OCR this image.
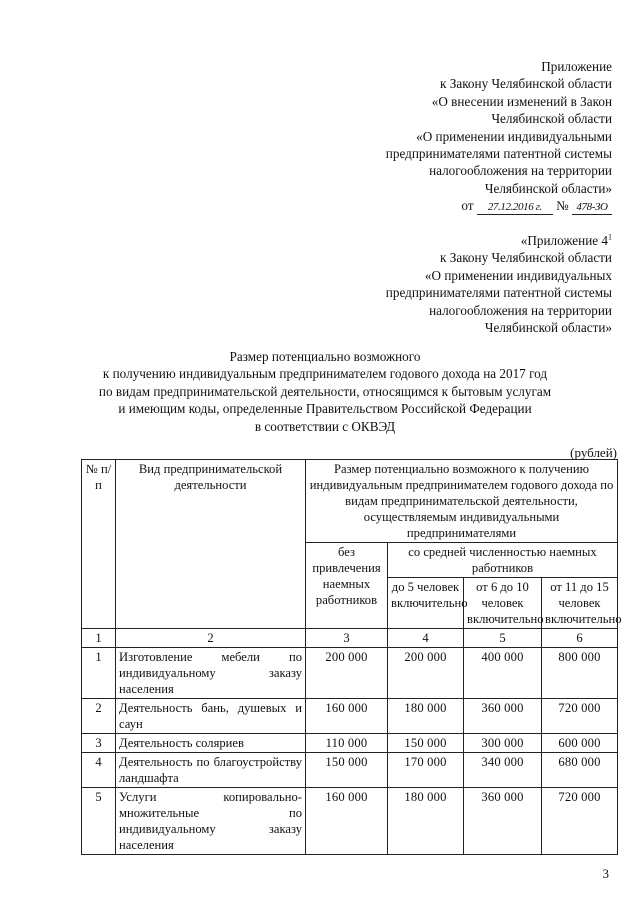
Приложение
к Закону Челябинской области
«О внесении изменений в Закон
Челябинской области
«О применении индивидуальными
предпринимателями патентной системы
налогообложения на территории
Челябинской области»
от 27.12.2016 г. № 478-ЗО
«Приложение $4^1$
к Закону Челябинской области
«О применении индивидуальных
предпринимателями патентной системы
налогообложения на территории
Челябинской области»
Размер потенциально возможного
к получению индивидуальным предпринимателем годового дохода на 2017 год
по видам предпринимательской деятельности, относящимся к бытовым услугам
и имеющим коды, определенные Правительством Российской Федерации
в соответствии с ОКВЭД
(рублей)
№ п/п	Вид предпринимательской деятельности	Размер потенциально возможного к получению индивидуальным предпринимателем годового дохода по видам предпринимательской деятельности, осуществляемым индивидуальными предпринимателями			
		без привлечения наемных работников	со средней численностью наемных работников		
			до 5 человек включительно	от 6 до 10 человек включительно	от 11 до 15 человек включительно
1	2	3	4	5	6
1	Изготовление мебели по индивидуальному заказу населения	200 000	200 000	400 000	800 000
2	Деятельность бань, душевых и саун	160 000	180 000	360 000	720 000
3	Деятельность соляриев	110 000	150 000	300 000	600 000
4	Деятельность по благоустройству ландшафта	150 000	170 000	340 000	680 000
5	Услуги копировально-множительные по индивидуальному заказу населения	160 000	180 000	360 000	720 000
3
